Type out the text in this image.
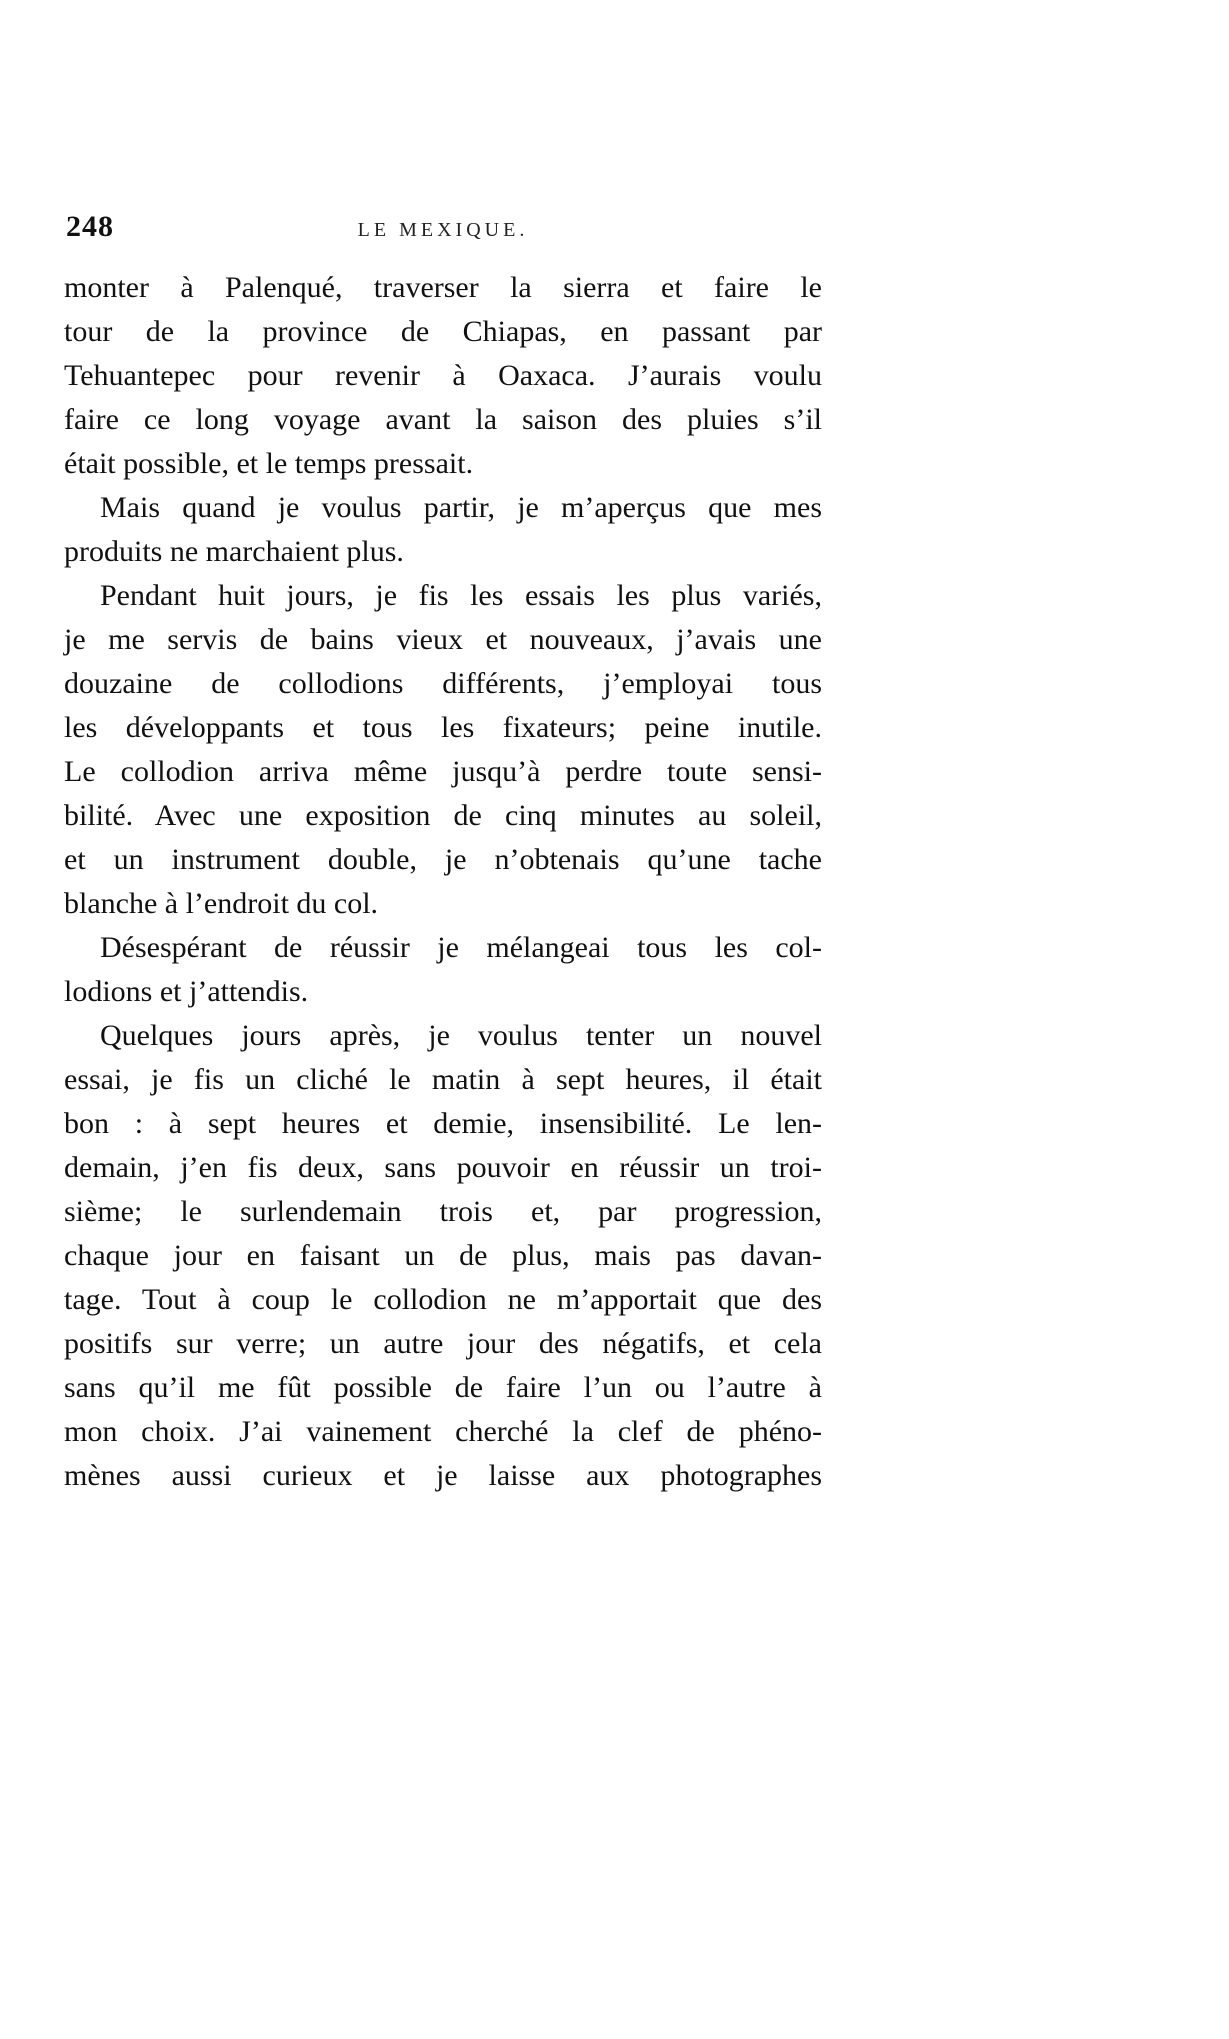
248	LE MEXIQUE.
monter à Palenqué, traverser la sierra et faire le
tour de la province de Chiapas, en passant par
Tehuantepec pour revenir à Oaxaca. J’aurais voulu
faire ce long voyage avant la saison des pluies s’il
était possible, et le temps pressait.
Mais quand je voulus partir, je m’aperçus que mes
produits ne marchaient plus.
Pendant huit jours, je fis les essais les plus variés,
je me servis de bains vieux et nouveaux, j’avais une
douzaine de collodions différents, j’employai tous
les développants et tous les fixateurs; peine inutile.
Le collodion arriva même jusqu’à perdre toute sensi-
bilité. Avec une exposition de cinq minutes au soleil,
et un instrument double, je n’obtenais qu’une tache
blanche à l’endroit du col.
Désespérant de réussir je mélangeai tous les col-
lodions et j’attendis.
Quelques jours après, je voulus tenter un nouvel
essai, je fis un cliché le matin à sept heures, il était
bon : à sept heures et demie, insensibilité. Le len-
demain, j’en fis deux, sans pouvoir en réussir un troi-
sième; le surlendemain trois et, par progression,
chaque jour en faisant un de plus, mais pas davan-
tage. Tout à coup le collodion ne m’apportait que des
positifs sur verre; un autre jour des négatifs, et cela
sans qu’il me fût possible de faire l’un ou l’autre à
mon choix. J’ai vainement cherché la clef de phéno-
mènes aussi curieux et je laisse aux photographes
